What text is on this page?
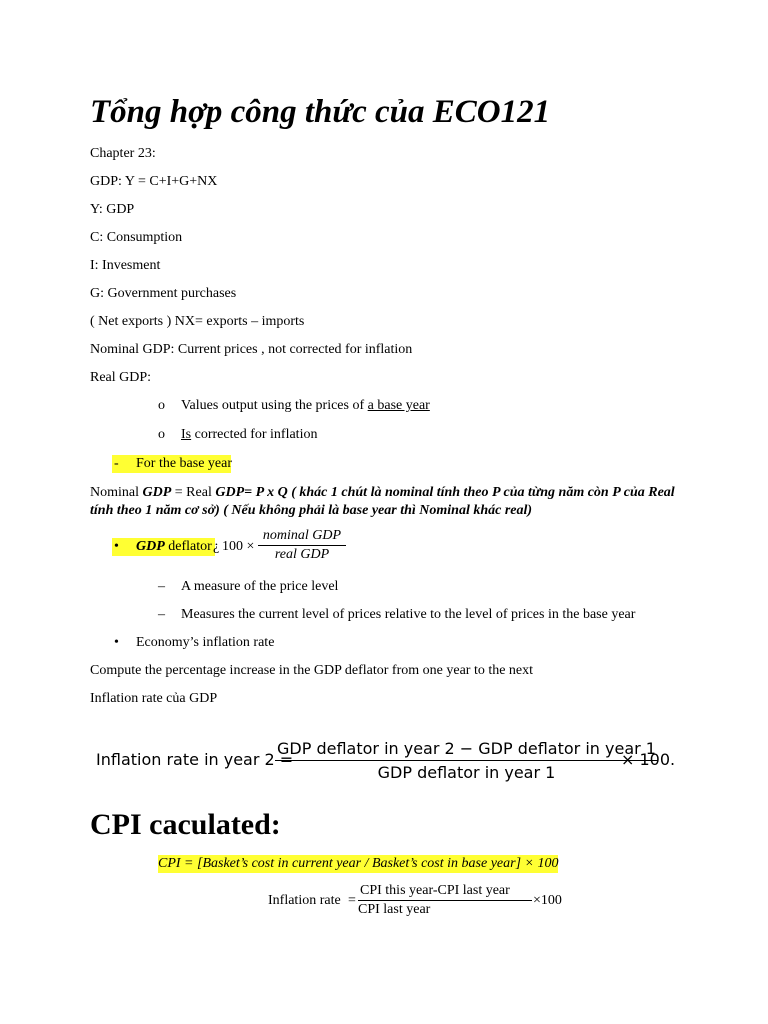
Tổng hợp công thức của ECO121
Chapter 23:
GDP: Y = C+I+G+NX
Y: GDP
C: Consumption
I: Invesment
G: Government purchases
( Net exports ) NX= exports – imports
Nominal GDP: Current prices , not corrected for inflation
Real GDP:
o Values output using the prices of a base year
o Is corrected for inflation
- For the base year
Nominal GDP = Real GDP= P x Q ( khác 1 chút là nominal tính theo P của từng năm còn P của Real tính theo 1 năm cơ sở) ( Nếu không phải là base year thì Nominal khác real)
• GDP deflator ¿ $100 \times \frac{\text{nominal GDP}}{\text{real GDP}}$
– A measure of the price level
– Measures the current level of prices relative to the level of prices in the base year
• Economy’s inflation rate
Compute the percentage increase in the GDP deflator from one year to the next
Inflation rate của GDP
Inflation rate in year 2 =
$\frac{\text{GDP deflator in year 2 − GDP deflator in year 1}}{\text{GDP deflator in year 1}}$
× 100.
CPI caculated:
CPI = [Basket’s cost in current year / Basket’s cost in base year] × 100
Inflation rate = $\frac{\text{CPI this year-CPI last year}}{\text{CPI last year}} \times 100$
